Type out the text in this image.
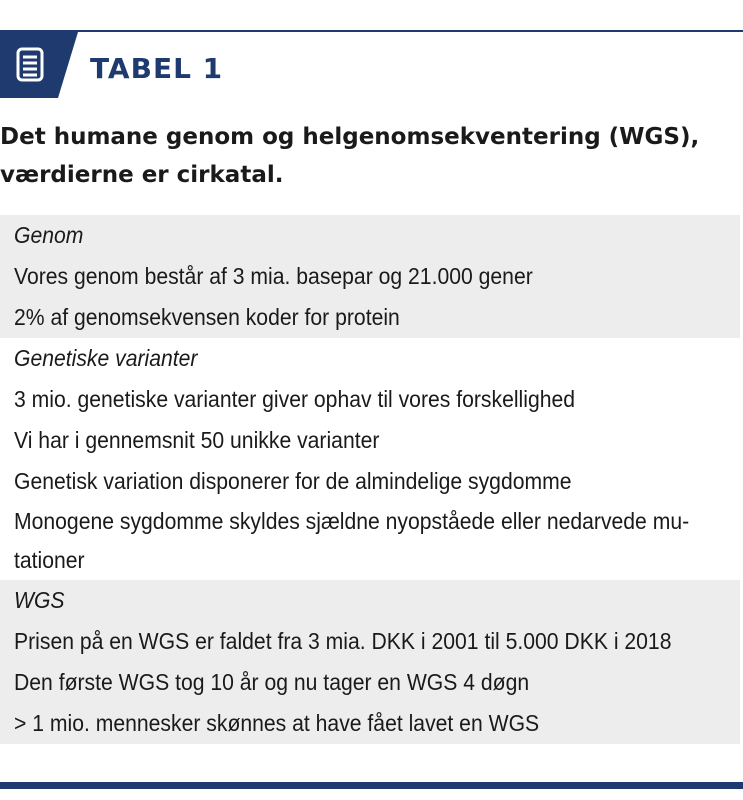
TABEL 1
Det humane genom og helgenomsekventering (WGS), værdierne er cirkatal.
Genom
Vores genom består af 3 mia. basepar og 21.000 gener
2% af genomsekvensen koder for protein
Genetiske varianter
3 mio. genetiske varianter giver ophav til vores forskellighed
Vi har i gennemsnit 50 unikke varianter
Genetisk variation disponerer for de almindelige sygdomme
Monogene sygdomme skyldes sjældne nyopståede eller nedarvede mu-tationer
WGS
Prisen på en WGS er faldet fra 3 mia. DKK i 2001 til 5.000 DKK i 2018
Den første WGS tog 10 år og nu tager en WGS 4 døgn
> 1 mio. mennesker skønnes at have fået lavet en WGS
